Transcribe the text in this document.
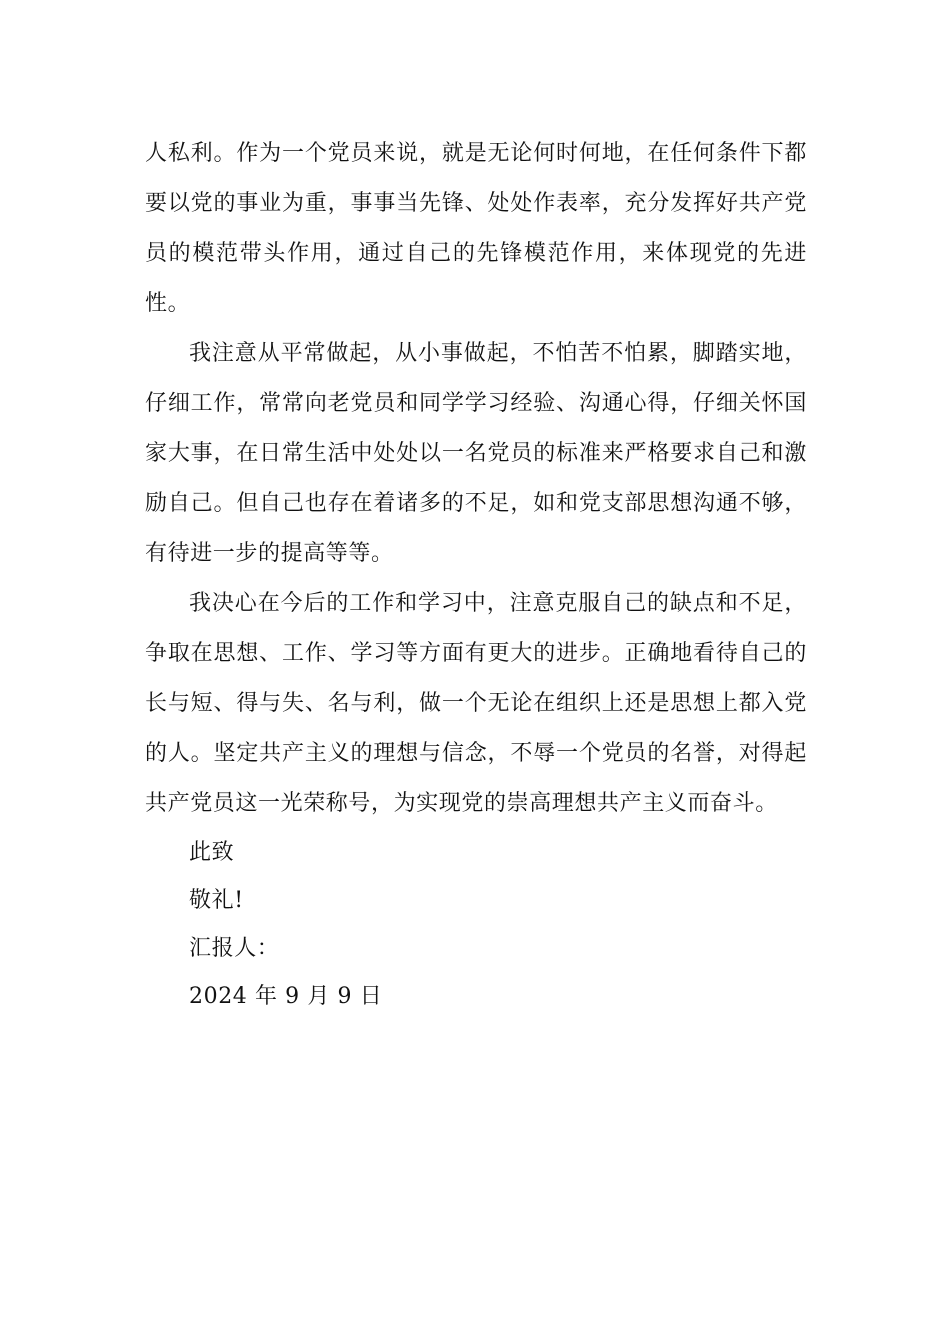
人私利。作为一个党员来说，就是无论何时何地，在任何条件下都要以党的事业为重，事事当先锋、处处作表率，充分发挥好共产党员的模范带头作用，通过自己的先锋模范作用，来体现党的先进性。

我注意从平常做起，从小事做起，不怕苦不怕累，脚踏实地，仔细工作，常常向老党员和同学学习经验、沟通心得，仔细关怀国家大事，在日常生活中处处以一名党员的标准来严格要求自己和激励自己。但自己也存在着诸多的不足，如和党支部思想沟通不够，有待进一步的提高等等。

我决心在今后的工作和学习中，注意克服自己的缺点和不足，争取在思想、工作、学习等方面有更大的进步。正确地看待自己的长与短、得与失、名与利，做一个无论在组织上还是思想上都入党的人。坚定共产主义的理想与信念，不辱一个党员的名誉，对得起共产党员这一光荣称号，为实现党的崇高理想共产主义而奋斗。

此致

敬礼!

汇报人：

2024 年 9 月 9 日
